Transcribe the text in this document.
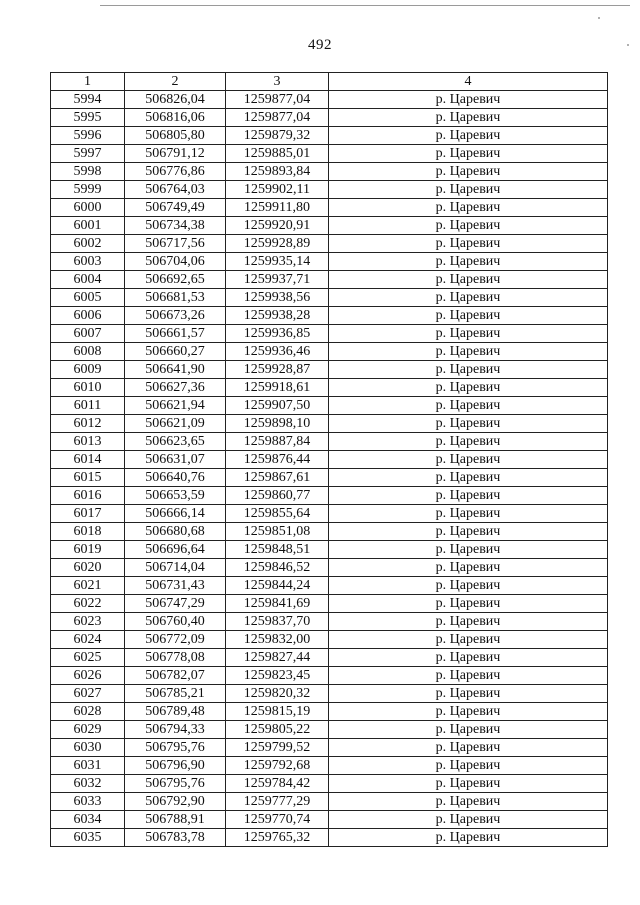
492
1	2	3	4
5994	506826,04	1259877,04	р. Царевич
5995	506816,06	1259877,04	р. Царевич
5996	506805,80	1259879,32	р. Царевич
5997	506791,12	1259885,01	р. Царевич
5998	506776,86	1259893,84	р. Царевич
5999	506764,03	1259902,11	р. Царевич
6000	506749,49	1259911,80	р. Царевич
6001	506734,38	1259920,91	р. Царевич
6002	506717,56	1259928,89	р. Царевич
6003	506704,06	1259935,14	р. Царевич
6004	506692,65	1259937,71	р. Царевич
6005	506681,53	1259938,56	р. Царевич
6006	506673,26	1259938,28	р. Царевич
6007	506661,57	1259936,85	р. Царевич
6008	506660,27	1259936,46	р. Царевич
6009	506641,90	1259928,87	р. Царевич
6010	506627,36	1259918,61	р. Царевич
6011	506621,94	1259907,50	р. Царевич
6012	506621,09	1259898,10	р. Царевич
6013	506623,65	1259887,84	р. Царевич
6014	506631,07	1259876,44	р. Царевич
6015	506640,76	1259867,61	р. Царевич
6016	506653,59	1259860,77	р. Царевич
6017	506666,14	1259855,64	р. Царевич
6018	506680,68	1259851,08	р. Царевич
6019	506696,64	1259848,51	р. Царевич
6020	506714,04	1259846,52	р. Царевич
6021	506731,43	1259844,24	р. Царевич
6022	506747,29	1259841,69	р. Царевич
6023	506760,40	1259837,70	р. Царевич
6024	506772,09	1259832,00	р. Царевич
6025	506778,08	1259827,44	р. Царевич
6026	506782,07	1259823,45	р. Царевич
6027	506785,21	1259820,32	р. Царевич
6028	506789,48	1259815,19	р. Царевич
6029	506794,33	1259805,22	р. Царевич
6030	506795,76	1259799,52	р. Царевич
6031	506796,90	1259792,68	р. Царевич
6032	506795,76	1259784,42	р. Царевич
6033	506792,90	1259777,29	р. Царевич
6034	506788,91	1259770,74	р. Царевич
6035	506783,78	1259765,32	р. Царевич
